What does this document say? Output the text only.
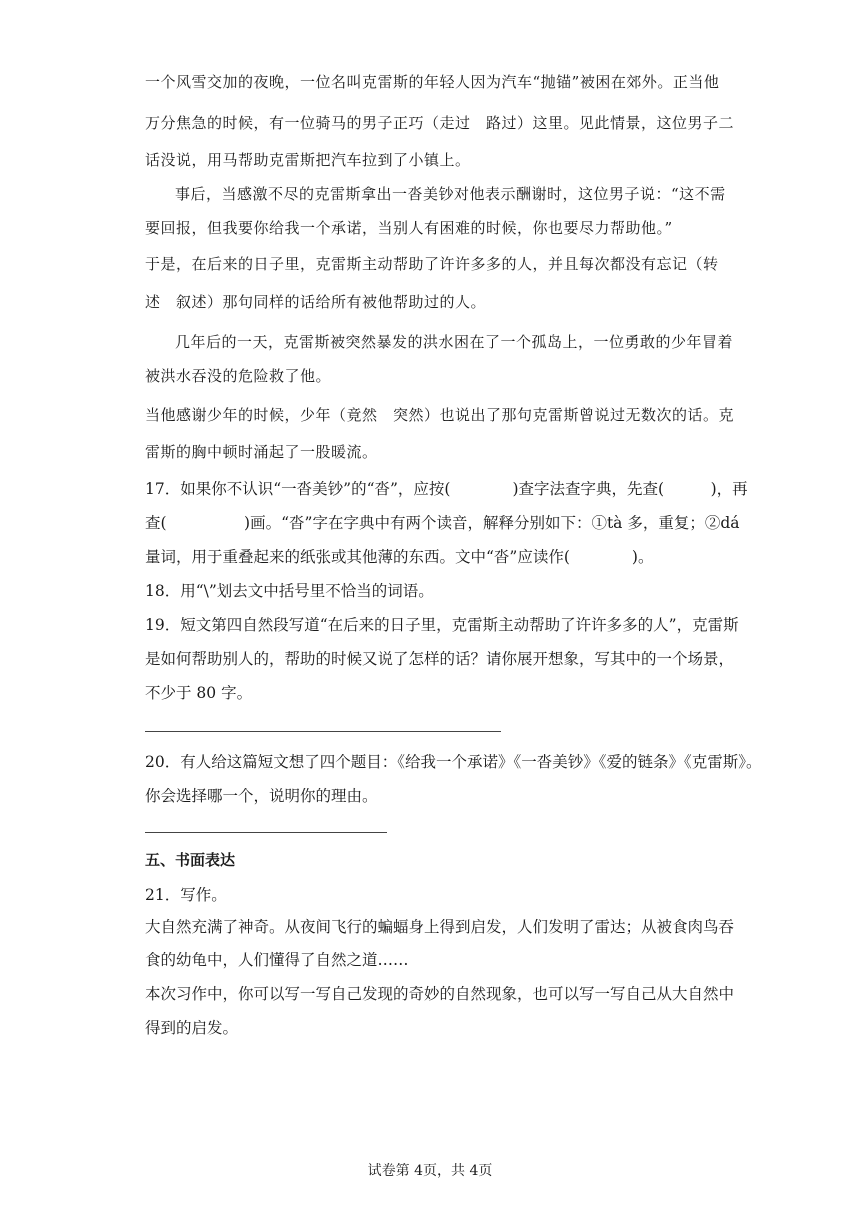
一个风雪交加的夜晚，一位名叫克雷斯的年轻人因为汽车“抛锚”被困在郊外。正当他
万分焦急的时候，有一位骑马的男子正巧（走过　路过）这里。见此情景，这位男子二
话没说，用马帮助克雷斯把汽车拉到了小镇上。
事后，当感激不尽的克雷斯拿出一沓美钞对他表示酬谢时，这位男子说：“这不需
要回报，但我要你给我一个承诺，当别人有困难的时候，你也要尽力帮助他。”
于是，在后来的日子里，克雷斯主动帮助了许许多多的人，并且每次都没有忘记（转
述　叙述）那句同样的话给所有被他帮助过的人。
几年后的一天，克雷斯被突然暴发的洪水困在了一个孤岛上，一位勇敢的少年冒着
被洪水吞没的危险救了他。
当他感谢少年的时候，少年（竟然　突然）也说出了那句克雷斯曾说过无数次的话。克
雷斯的胸中顿时涌起了一股暖流。
17．如果你不认识“一沓美钞”的“沓”，应按(　　　　)查字法查字典，先查(　　　)，再
查(　　　　　)画。“沓”字在字典中有两个读音，解释分别如下：①tà 多，重复；②dá
量词，用于重叠起来的纸张或其他薄的东西。文中“沓”应读作(　　　　)。
18．用“\”划去文中括号里不恰当的词语。
19．短文第四自然段写道“在后来的日子里，克雷斯主动帮助了许许多多的人”，克雷斯
是如何帮助别人的，帮助的时候又说了怎样的话？请你展开想象，写其中的一个场景，
不少于 80 字。
20．有人给这篇短文想了四个题目：《给我一个承诺》《一沓美钞》《爱的链条》《克雷斯》。
你会选择哪一个，说明你的理由。
五、书面表达
21．写作。
大自然充满了神奇。从夜间飞行的蝙蝠身上得到启发，人们发明了雷达；从被食肉鸟吞
食的幼龟中，人们懂得了自然之道……
本次习作中，你可以写一写自己发现的奇妙的自然现象，也可以写一写自己从大自然中
得到的启发。
试卷第 4页，共 4页
